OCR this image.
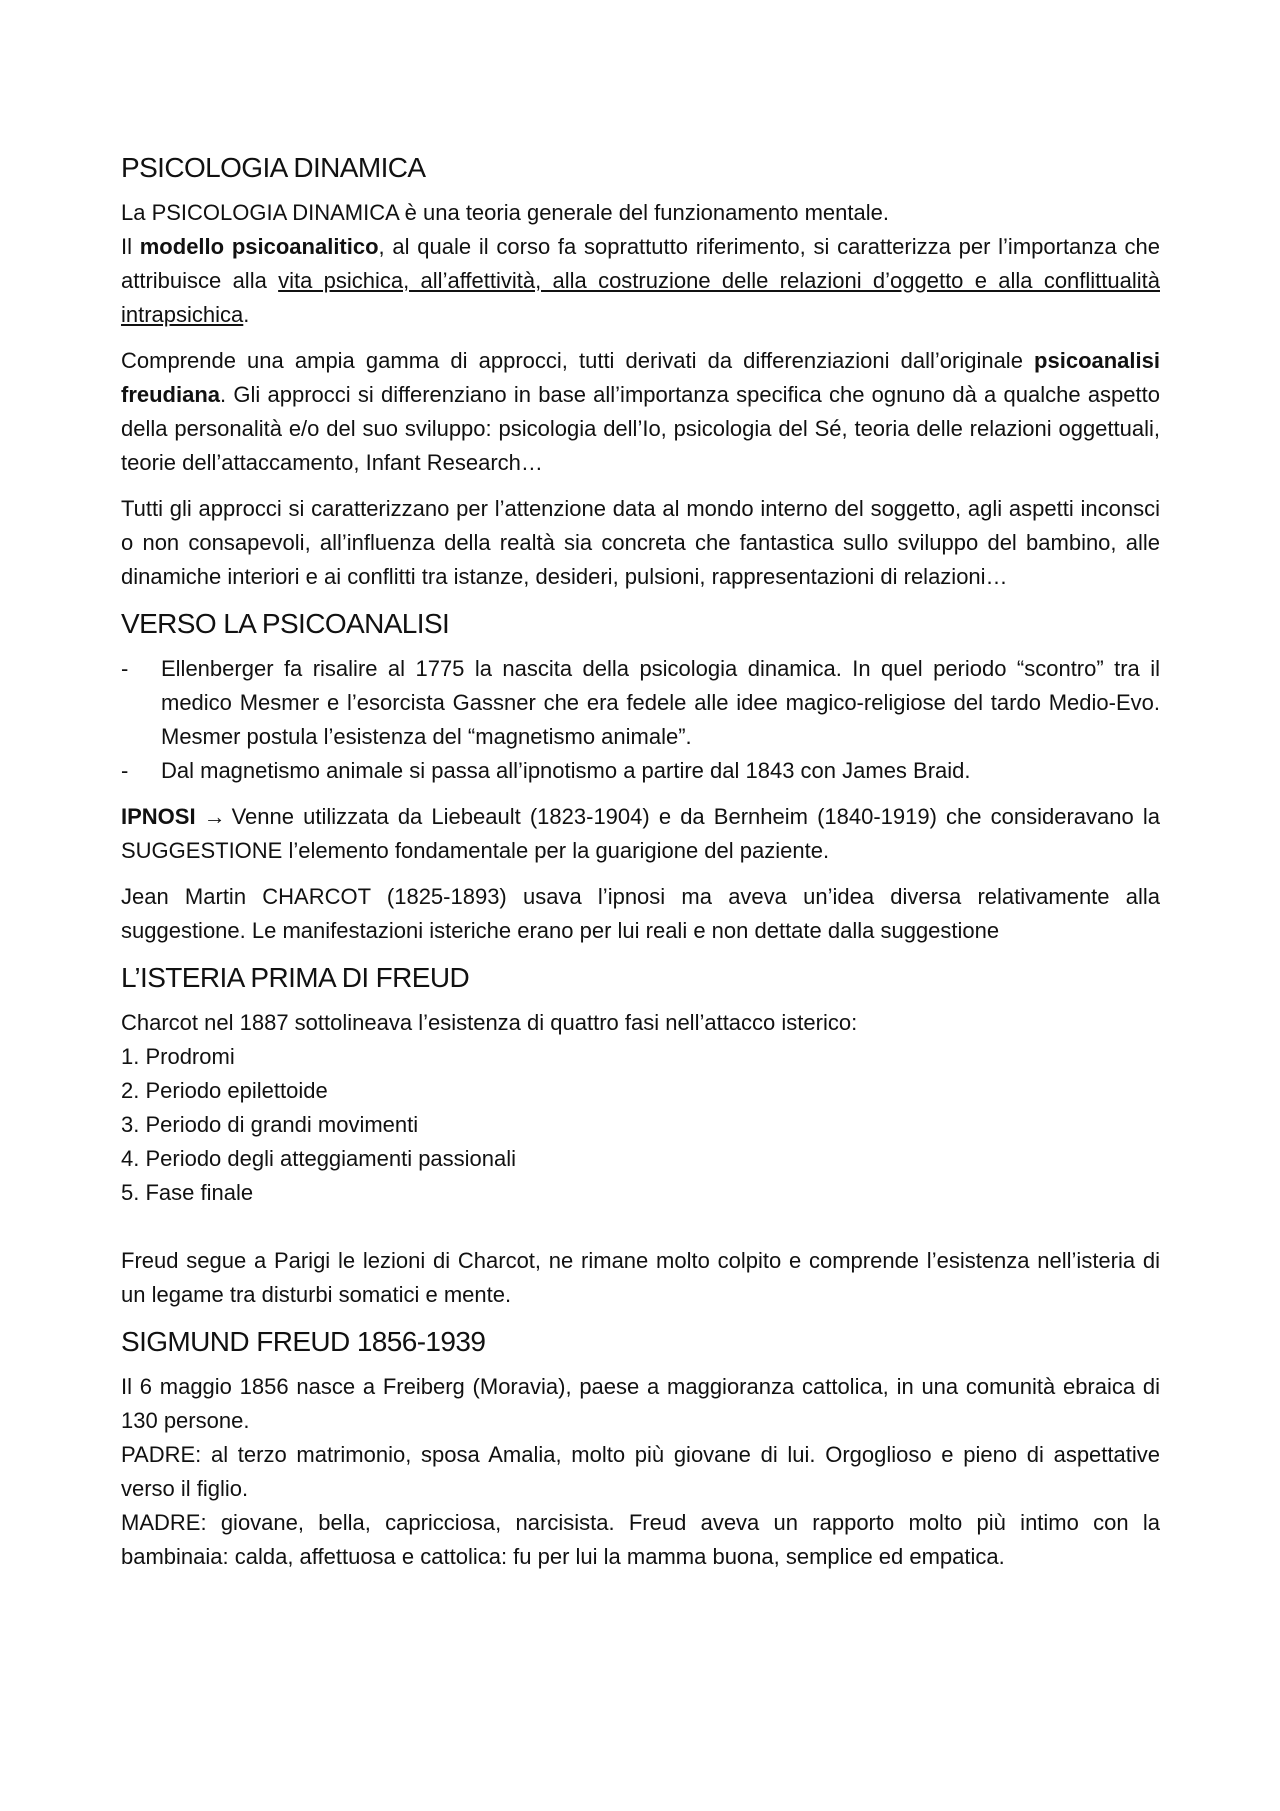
PSICOLOGIA DINAMICA

La PSICOLOGIA DINAMICA è una teoria generale del funzionamento mentale.
Il modello psicoanalitico, al quale il corso fa soprattutto riferimento, si caratterizza per l’importanza che attribuisce alla vita psichica, all’affettività, alla costruzione delle relazioni d’oggetto e alla conflittualità intrapsichica.

Comprende una ampia gamma di approcci, tutti derivati da differenziazioni dall’originale psicoanalisi freudiana. Gli approcci si differenziano in base all’importanza specifica che ognuno dà a qualche aspetto della personalità e/o del suo sviluppo: psicologia dell’Io, psicologia del Sé, teoria delle relazioni oggettuali, teorie dell’attaccamento, Infant Research…

Tutti gli approcci si caratterizzano per l’attenzione data al mondo interno del soggetto, agli aspetti inconsci o non consapevoli, all’influenza della realtà sia concreta che fantastica sullo sviluppo del bambino, alle dinamiche interiori e ai conflitti tra istanze, desideri, pulsioni, rappresentazioni di relazioni…

VERSO LA PSICOANALISI
- Ellenberger fa risalire al 1775 la nascita della psicologia dinamica. In quel periodo “scontro” tra il medico Mesmer e l’esorcista Gassner che era fedele alle idee magico-religiose del tardo Medio-Evo. Mesmer postula l’esistenza del “magnetismo animale”.
- Dal magnetismo animale si passa all’ipnotismo a partire dal 1843 con James Braid.

IPNOSI → Venne utilizzata da Liebeault (1823-1904) e da Bernheim (1840-1919) che consideravano la SUGGESTIONE l’elemento fondamentale per la guarigione del paziente.

Jean Martin CHARCOT (1825-1893) usava l’ipnosi ma aveva un’idea diversa relativamente alla suggestione. Le manifestazioni isteriche erano per lui reali e non dettate dalla suggestione

L’ISTERIA PRIMA DI FREUD
Charcot nel 1887 sottolineava l’esistenza di quattro fasi nell’attacco isterico:
1. Prodromi
2. Periodo epilettoide
3. Periodo di grandi movimenti
4. Periodo degli atteggiamenti passionali
5. Fase finale

Freud segue a Parigi le lezioni di Charcot, ne rimane molto colpito e comprende l’esistenza nell’isteria di un legame tra disturbi somatici e mente.

SIGMUND FREUD 1856-1939

Il 6 maggio 1856 nasce a Freiberg (Moravia), paese a maggioranza cattolica, in una comunità ebraica di 130 persone.
PADRE: al terzo matrimonio, sposa Amalia, molto più giovane di lui. Orgoglioso e pieno di aspettative verso il figlio.
MADRE: giovane, bella, capricciosa, narcisista. Freud aveva un rapporto molto più intimo con la bambinaia: calda, affettuosa e cattolica: fu per lui la mamma buona, semplice ed empatica.
